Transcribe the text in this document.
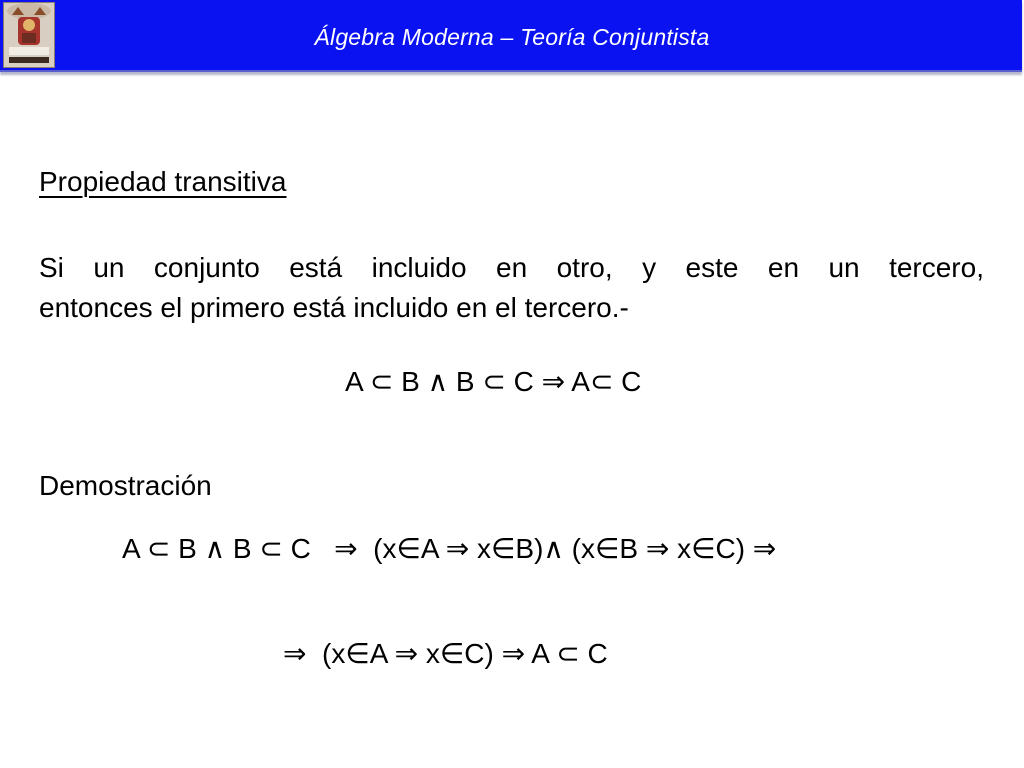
Álgebra Moderna – Teoría Conjuntista
Propiedad transitiva
Si un conjunto está incluido en otro, y este en un tercero,
entonces el primero está incluido en el tercero.-
A ⊂ B ∧ B ⊂ C ⇒ A⊂ C
Demostración
A ⊂ B ∧ B ⊂ C   ⇒  (x∈A ⇒ x∈B)∧ (x∈B ⇒ x∈C) ⇒
⇒  (x∈A ⇒ x∈C) ⇒ A ⊂ C
